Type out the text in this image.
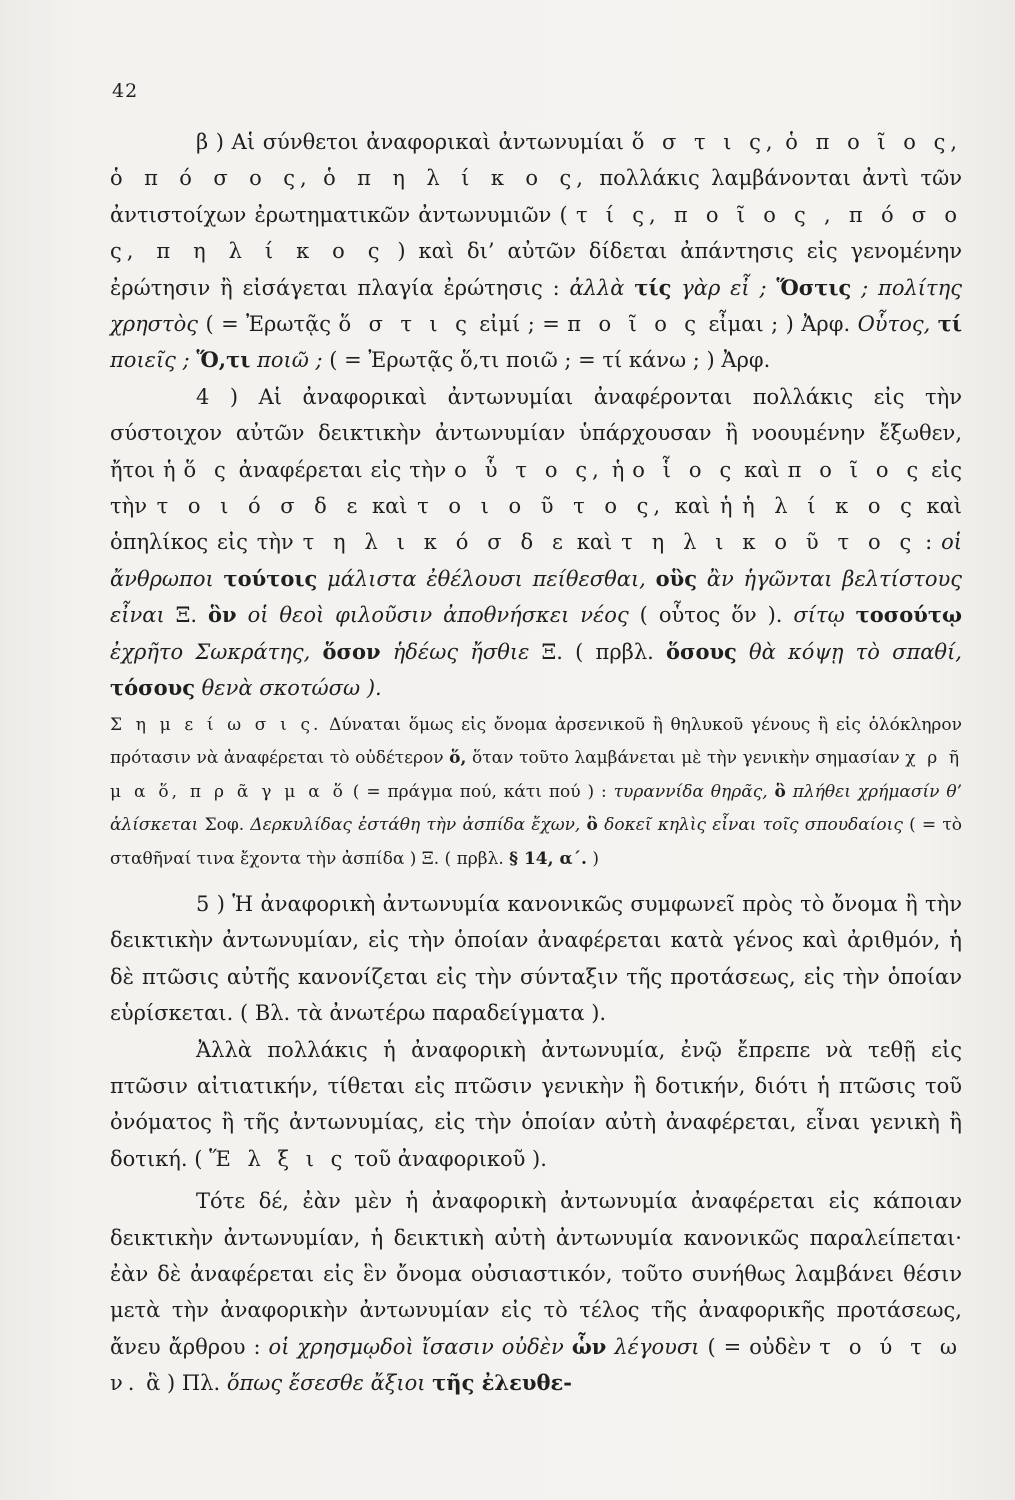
42

β ) Αἱ σύνθετοι ἀναφορικαὶ ἀντωνυμίαι ὅ σ τ ι ς, ὁ π ο ῖ ο ς, ὁ π ό σ ο ς, ὁ π η λ ί κ ο ς, πολλάκις λαμβάνονται ἀντὶ τῶν ἀντιστοίχων ἐρωτηματικῶν ἀντωνυμιῶν ( τ ί ς, π ο ῖ ο ς , π ό σ ο ς, π η λ ί κ ο ς ) καὶ δι’ αὐτῶν δίδεται ἀπάντησις εἰς γενομένην ἐρώτησιν ἢ εἰσάγεται πλαγία ἐρώτησις : ἀλλὰ τίς γὰρ εἶ ; Ὅστις ; πολίτης χρηστὸς ( = Ἐρωτᾷς ὅ σ τ ι ς εἰμί ; = π ο ῖ ο ς εἶμαι ; ) Ἀρφ. Οὗτος, τί ποιεῖς ; Ὅ,τι ποιῶ ; ( = Ἐρωτᾷς ὅ,τι ποιῶ ; = τί κάνω ; ) Ἀρφ.

4 ) Αἱ ἀναφορικαὶ ἀντωνυμίαι ἀναφέρονται πολλάκις εἰς τὴν σύστοιχον αὐτῶν δεικτικὴν ἀντωνυμίαν ὑπάρχουσαν ἢ νοουμένην ἔξωθεν, ἤτοι ἡ ὅ ς ἀναφέρεται εἰς τὴν ο ὗ τ ο ς, ἡ ο ἷ ο ς καὶ π ο ῖ ο ς εἰς τὴν τ ο ι ό σ δ ε καὶ τ ο ι ο ῦ τ ο ς, καὶ ἡ ἡ λ ί κ ο ς καὶ ὁπηλίκος εἰς τὴν τ η λ ι κ ό σ δ ε καὶ τ η λ ι κ ο ῦ τ ο ς : οἱ ἄνθρωποι τούτοις μάλιστα ἐθέλουσι πείθεσθαι, οὓς ἂν ἡγῶνται βελτίστους εἶναι Ξ. ὃν οἱ θεοὶ φιλοῦσιν ἀποθνήσκει νέος ( οὗτος ὅν ). σίτῳ τοσούτῳ ἐχρῆτο Σωκράτης, ὅσον ἡδέως ἤσθιε Ξ. ( πρβλ. ὅσους θὰ κόψῃ τὸ σπαθί, τόσους θενὰ σκοτώσω ).

Σ η μ ε ί ω σ ι ς. Δύναται ὅμως εἰς ὄνομα ἀρσενικοῦ ἢ θηλυκοῦ γένους ἢ εἰς ὁλόκληρον πρότασιν νὰ ἀναφέρεται τὸ οὐδέτερον ὅ, ὅταν τοῦτο λαμβάνεται μὲ τὴν γενικὴν σημασίαν χ ρ ῆ μ α ὅ, π ρ ᾶ γ μ α ὅ ( = πράγμα πού, κάτι πού ) : τυραννίδα θηρᾶς, ὃ πλήθει χρήμασίν θ’ ἁλίσκεται Σοφ. Δερκυλίδας ἐστάθη τὴν ἀσπίδα ἔχων, ὃ δοκεῖ κηλὶς εἶναι τοῖς σπουδαίοις ( = τὸ σταθῆναί τινα ἔχοντα τὴν ἀσπίδα ) Ξ. ( πρβλ. § 14, α΄. )

5 ) Ἡ ἀναφορικὴ ἀντωνυμία κανονικῶς συμφωνεῖ πρὸς τὸ ὄνομα ἢ τὴν δεικτικὴν ἀντωνυμίαν, εἰς τὴν ὁποίαν ἀναφέρεται κατὰ γένος καὶ ἀριθμόν, ἡ δὲ πτῶσις αὐτῆς κανονίζεται εἰς τὴν σύνταξιν τῆς προτάσεως, εἰς τὴν ὁποίαν εὑρίσκεται. ( Βλ. τὰ ἀνωτέρω παραδείγματα ).

Ἀλλὰ πολλάκις ἡ ἀναφορικὴ ἀντωνυμία, ἐνῷ ἔπρεπε νὰ τεθῇ εἰς πτῶσιν αἰτιατικήν, τίθεται εἰς πτῶσιν γενικὴν ἢ δοτικήν, διότι ἡ πτῶσις τοῦ ὀνόματος ἢ τῆς ἀντωνυμίας, εἰς τὴν ὁποίαν αὐτὴ ἀναφέρεται, εἶναι γενικὴ ἢ δοτική. ( Ἕ λ ξ ι ς τοῦ ἀναφορικοῦ ).

Τότε δέ, ἐὰν μὲν ἡ ἀναφορικὴ ἀντωνυμία ἀναφέρεται εἰς κάποιαν δεικτικὴν ἀντωνυμίαν, ἡ δεικτικὴ αὐτὴ ἀντωνυμία κανονικῶς παραλείπεται· ἐὰν δὲ ἀναφέρεται εἰς ἓν ὄνομα οὐσιαστικόν, τοῦτο συνήθως λαμβάνει θέσιν μετὰ τὴν ἀναφορικὴν ἀντωνυμίαν εἰς τὸ τέλος τῆς ἀναφορικῆς προτάσεως, ἄνευ ἄρθρου : οἱ χρησμῳδοὶ ἴσασιν οὐδὲν ὧν λέγουσι ( = οὐδὲν τ ο ύ τ ω ν. ἃ ) Πλ. ὅπως ἔσεσθε ἄξιοι τῆς ἐλευθε-
